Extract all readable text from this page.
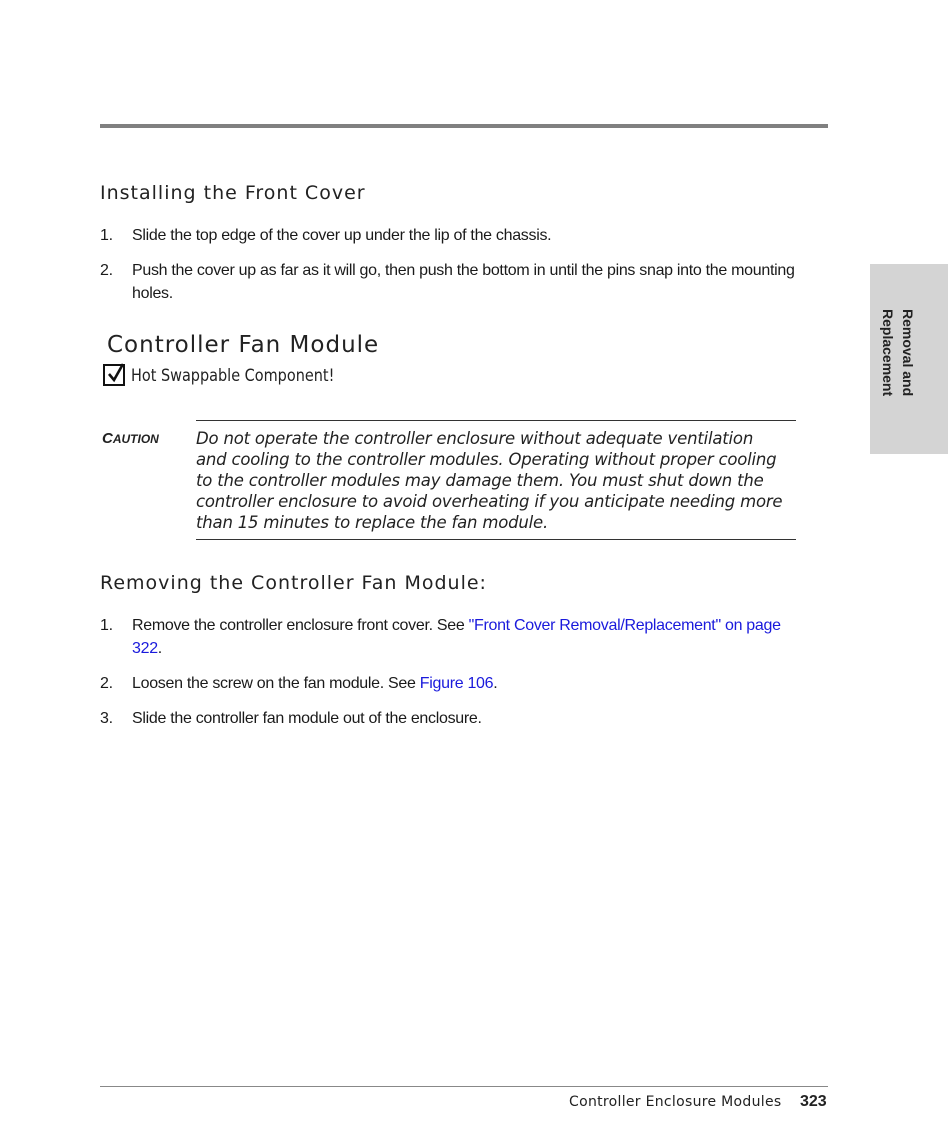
Installing the Front Cover
1. Slide the top edge of the cover up under the lip of the chassis.
2. Push the cover up as far as it will go, then push the bottom in until the pins snap into the mounting holes.
Controller Fan Module
Hot Swappable Component!
CAUTION Do not operate the controller enclosure without adequate ventilation and cooling to the controller modules. Operating without proper cooling to the controller modules may damage them. You must shut down the controller enclosure to avoid overheating if you anticipate needing more than 15 minutes to replace the fan module.

Removing the Controller Fan Module:
1. Remove the controller enclosure front cover. See "Front Cover Removal/Replacement" on page 322.
2. Loosen the screw on the fan module. See Figure 106.
3. Slide the controller fan module out of the enclosure.
Removal and
Replacement
Controller Enclosure Modules 323
